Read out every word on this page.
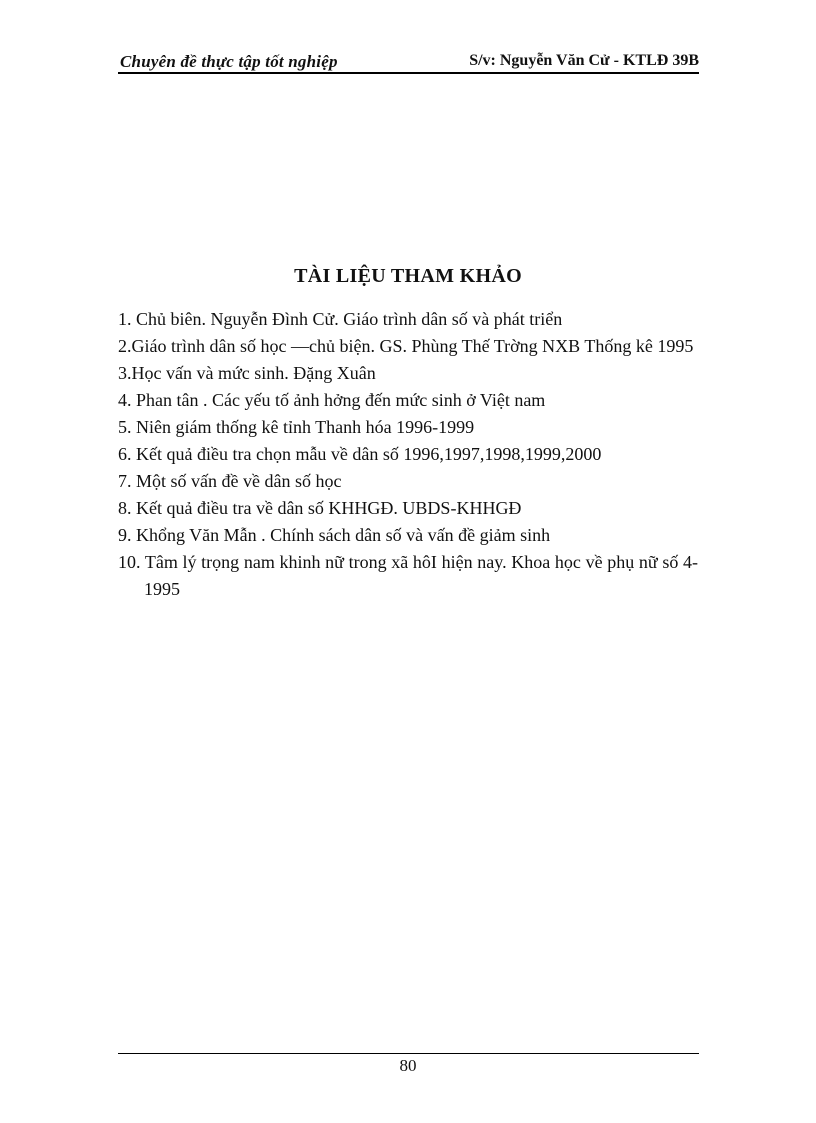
Chuyên đề thực tập tốt nghiệp	S/v: Nguyễn Văn Cử - KTLĐ 39B
TÀI LIỆU THAM KHẢO
1. Chủ biên. Nguyễn Đình Cử. Giáo trình dân số và phát triển
2.Giáo trình dân số học —chủ biện. GS. Phùng Thế Trờng NXB Thống kê 1995
3.Học vấn và mức sinh. Đặng Xuân
4. Phan tân . Các yếu tố ảnh hởng đến mức sinh ở Việt nam
5. Niên giám thống kê tỉnh Thanh hóa 1996-1999
6. Kết quả điều tra chọn mẫu về dân số 1996,1997,1998,1999,2000
7. Một số vấn đề về dân số học
8. Kết quả điều tra về dân số KHHGĐ. UBDS-KHHGĐ
9. Khổng Văn Mẫn . Chính sách dân số và vấn đề giảm sinh
10. Tâm lý trọng nam khinh nữ trong xã hôI hiện nay. Khoa học về phụ nữ số 4-1995
80
